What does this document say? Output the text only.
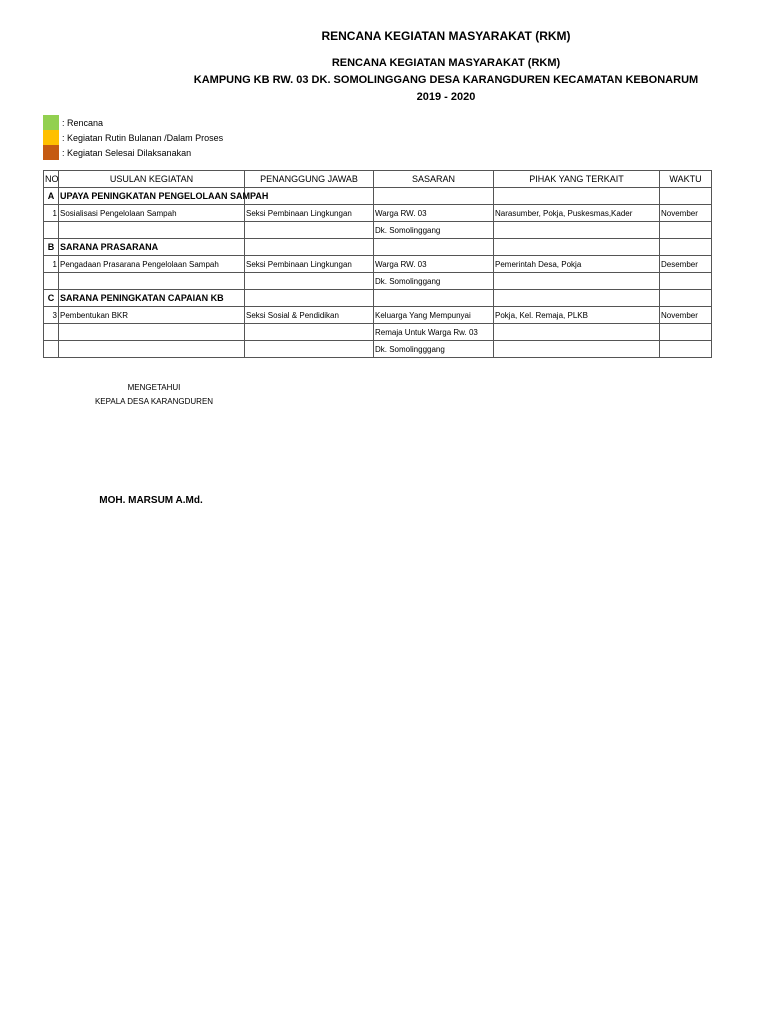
RENCANA KEGIATAN MASYARAKAT (RKM)
RENCANA KEGIATAN MASYARAKAT (RKM)
KAMPUNG KB RW. 03 DK. SOMOLINGGANG DESA KARANGDUREN KECAMATAN KEBONARUM
2019 - 2020
: Rencana
: Kegiatan Rutin Bulanan /Dalam Proses
: Kegiatan Selesai Dilaksanakan
NO	USULAN KEGIATAN	PENANGGUNG JAWAB	SASARAN	PIHAK YANG TERKAIT	WAKTU
A	UPAYA PENINGKATAN PENGELOLAAN SAMPAH				
1	Sosialisasi Pengelolaan Sampah	Seksi Pembinaan Lingkungan	Warga RW. 03	Narasumber, Pokja, Puskesmas,Kader	November
			Dk. Somolinggang		
B	SARANA PRASARANA				
1	Pengadaan Prasarana Pengelolaan Sampah	Seksi Pembinaan Lingkungan	Warga RW. 03	Pemerintah Desa, Pokja	Desember
			Dk. Somolinggang		
C	SARANA PENINGKATAN CAPAIAN KB				
3	Pembentukan BKR	Seksi Sosial & Pendidikan	Keluarga Yang Mempunyai	Pokja, Kel. Remaja, PLKB	November
			Remaja Untuk Warga Rw. 03		
			Dk. Somolingggang		
MENGETAHUI
KEPALA DESA KARANGDUREN
MOH. MARSUM A.Md.
